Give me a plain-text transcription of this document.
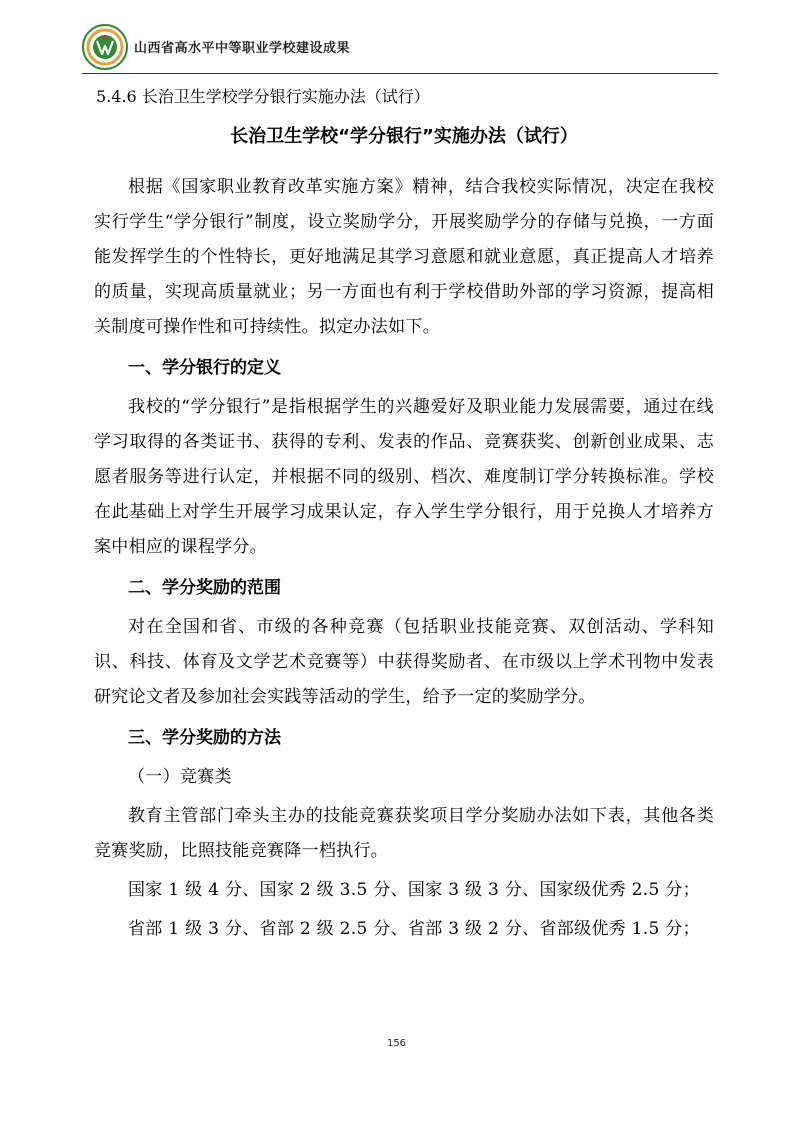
山西省高水平中等职业学校建设成果
5.4.6 长治卫生学校学分银行实施办法（试行）
长治卫生学校“学分银行”实施办法（试行）

根据《国家职业教育改革实施方案》精神，结合我校实际情况，决定在我校实行学生“学分银行”制度，设立奖励学分，开展奖励学分的存储与兑换，一方面能发挥学生的个性特长，更好地满足其学习意愿和就业意愿，真正提高人才培养的质量，实现高质量就业；另一方面也有利于学校借助外部的学习资源，提高相关制度可操作性和可持续性。拟定办法如下。

一、学分银行的定义

我校的“学分银行”是指根据学生的兴趣爱好及职业能力发展需要，通过在线学习取得的各类证书、获得的专利、发表的作品、竞赛获奖、创新创业成果、志愿者服务等进行认定，并根据不同的级别、档次、难度制订学分转换标准。学校在此基础上对学生开展学习成果认定，存入学生学分银行，用于兑换人才培养方案中相应的课程学分。

二、学分奖励的范围

对在全国和省、市级的各种竞赛（包括职业技能竞赛、双创活动、学科知识、科技、体育及文学艺术竞赛等）中获得奖励者、在市级以上学术刊物中发表研究论文者及参加社会实践等活动的学生，给予一定的奖励学分。

三、学分奖励的方法

（一）竞赛类

教育主管部门牵头主办的技能竞赛获奖项目学分奖励办法如下表，其他各类竞赛奖励，比照技能竞赛降一档执行。

国家 1 级 4 分、国家 2 级 3.5 分、国家 3 级 3 分、国家级优秀 2.5 分；

省部 1 级 3 分、省部 2 级 2.5 分、省部 3 级 2 分、省部级优秀 1.5 分；

156
